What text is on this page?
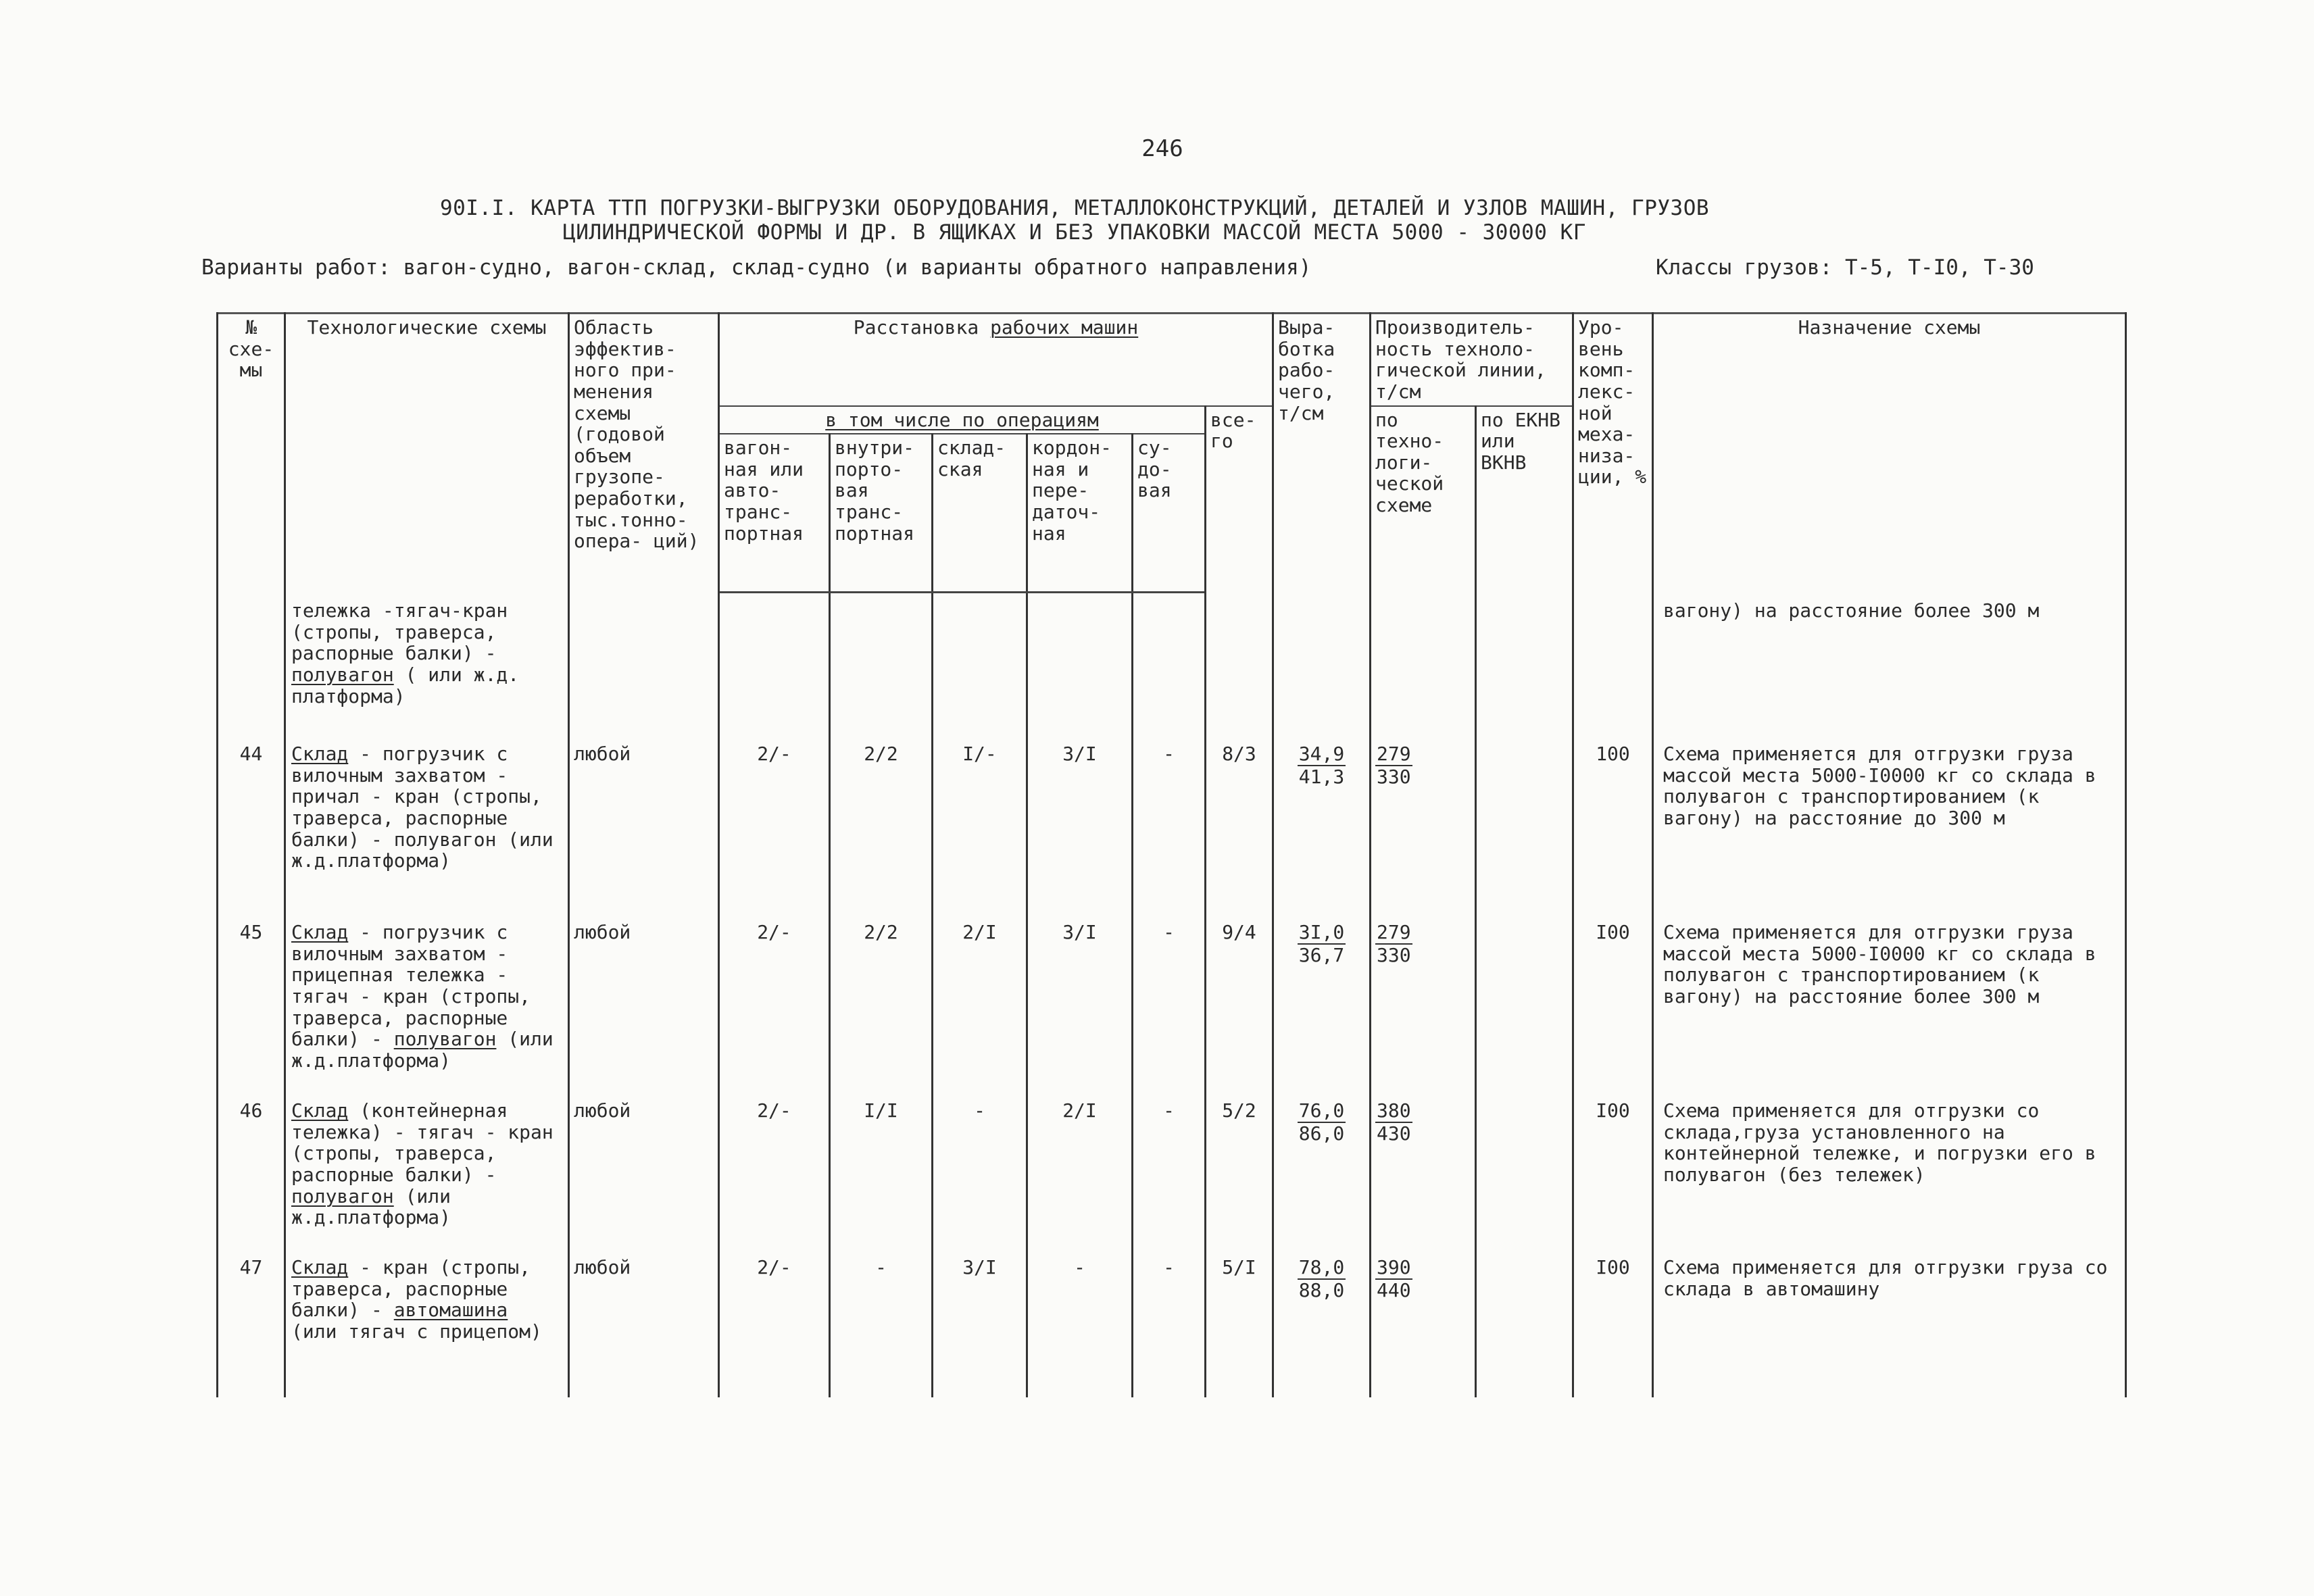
246
90I.I. КАРТА ТТП ПОГРУЗКИ-ВЫГРУЗКИ ОБОРУДОВАНИЯ, МЕТАЛЛОКОНСТРУКЦИЙ, ДЕТАЛЕЙ И УЗЛОВ МАШИН, ГРУЗОВ
ЦИЛИНДРИЧЕСКОЙ ФОРМЫ И ДР. В ЯЩИКАХ И БЕЗ УПАКОВКИ МАССОЙ МЕСТА 5000 - 30000 КГ
Варианты работ: вагон-судно, вагон-склад, склад-судно (и варианты обратного направления)	Классы грузов: Т-5, Т-I0, Т-30
№ схе- мы	Технологические схемы	Область эффектив- ного при- менения схемы (годовой объем грузопе- реработки, тыс.тонно- опера- ций)	Расстановка рабочих машин						Выра- ботка рабо- чего, т/см	Производитель- ность техноло- гической линии, т/см		Уро- вень комп- лекс- ной меха- низа- ции, %	Назначение схемы
			в том числе по операциям					все- го		по техно- логи- ческой схеме	по ЕКНВ или ВКНВ		
			вагон- ная или авто- транс- портная	внутри- порто- вая транс- портная	склад- ская	кордон- ная и пере- даточ- ная	су- до- вая						
	тележка -тягач-кран (стропы, траверса, распорные балки) - полувагон ( или ж.д. платформа)												вагону) на расстояние более 300 м
44	Склад - погрузчик с вилочным захватом - причал - кран (стропы, траверса, распорные балки) - полувагон (или ж.д.платформа)	любой	2/-	2/2	I/-	3/I	-	8/3	$\frac{34,9}{41,3}$	$\frac{279}{330}$		100	Схема применяется для отгрузки груза массой места 5000-I0000 кг со склада в полувагон с транспортированием (к вагону) на расстояние до 300 м
45	Склад - погрузчик с вилочным захватом - прицепная тележка - тягач - кран (стропы, траверса, распорные балки) - полувагон (или ж.д.платформа)	любой	2/-	2/2	2/I	3/I	-	9/4	$\frac{3I,0}{36,7}$	$\frac{279}{330}$		I00	Схема применяется для отгрузки груза массой места 5000-I0000 кг со склада в полувагон с транспортированием (к вагону) на расстояние более 300 м
46	Склад (контейнерная тележка) - тягач - кран (стропы, траверса, распорные балки) - полувагон (или ж.д.платформа)	любой	2/-	I/I	-	2/I	-	5/2	$\frac{76,0}{86,0}$	$\frac{380}{430}$		I00	Схема применяется для отгрузки со склада,груза установленного на контейнерной тележке, и погрузки его в полувагон (без тележек)
47	Склад - кран (стропы, траверса, распорные балки) - автомашина (или тягач с прицепом)	любой	2/-	-	3/I	-	-	5/I	$\frac{78,0}{88,0}$	$\frac{390}{440}$		I00	Схема применяется для отгрузки груза со склада в автомашину
